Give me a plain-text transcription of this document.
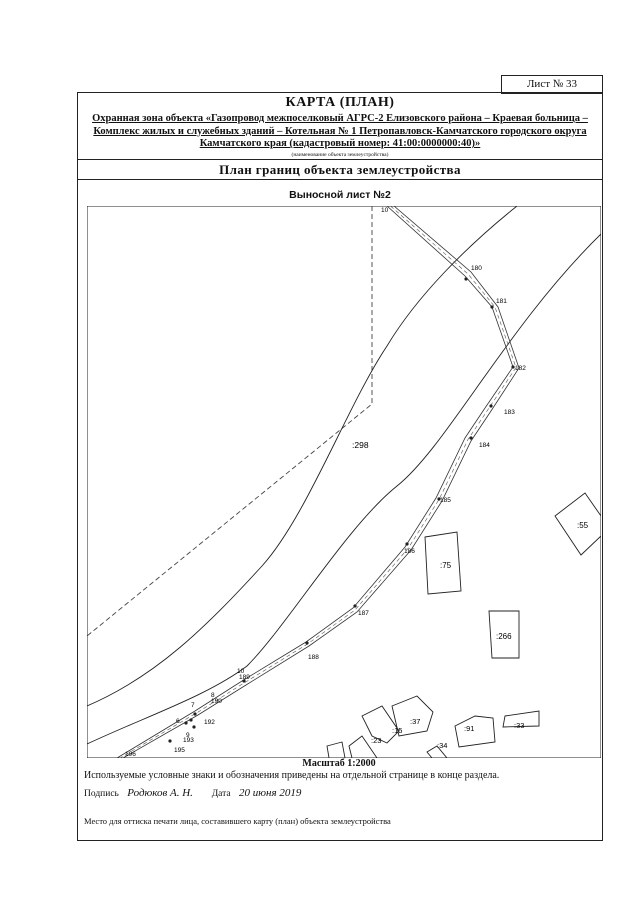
Лист № 33
КАРТА (ПЛАН)
Охранная зона объекта «Газопровод межпоселковый АГРС-2 Елизовского района – Краевая больница – Комплекс жилых и служебных зданий – Котельная № 1 Петропавловск-Камчатского городского округа Камчатского края (кадастровый номер: 41:00:0000000:40)»
(наименование объекта землеустройства)
План границ объекта землеустройства
Выносной лист №2
:298
:75
:55
:266
:91	:33
:37
:34
:15
:23
180
181
182
183
184
185
186
187
188
10
189
8
190
192
193
195
196
7
6
9
10
Масштаб 1:2000
Используемые условные знаки и обозначения приведены на отдельной странице в конце раздела.
Подпись Родюков А. Н. Дата 20 июня 2019
Место для оттиска печати лица, составившего карту (план) объекта землеустройства
